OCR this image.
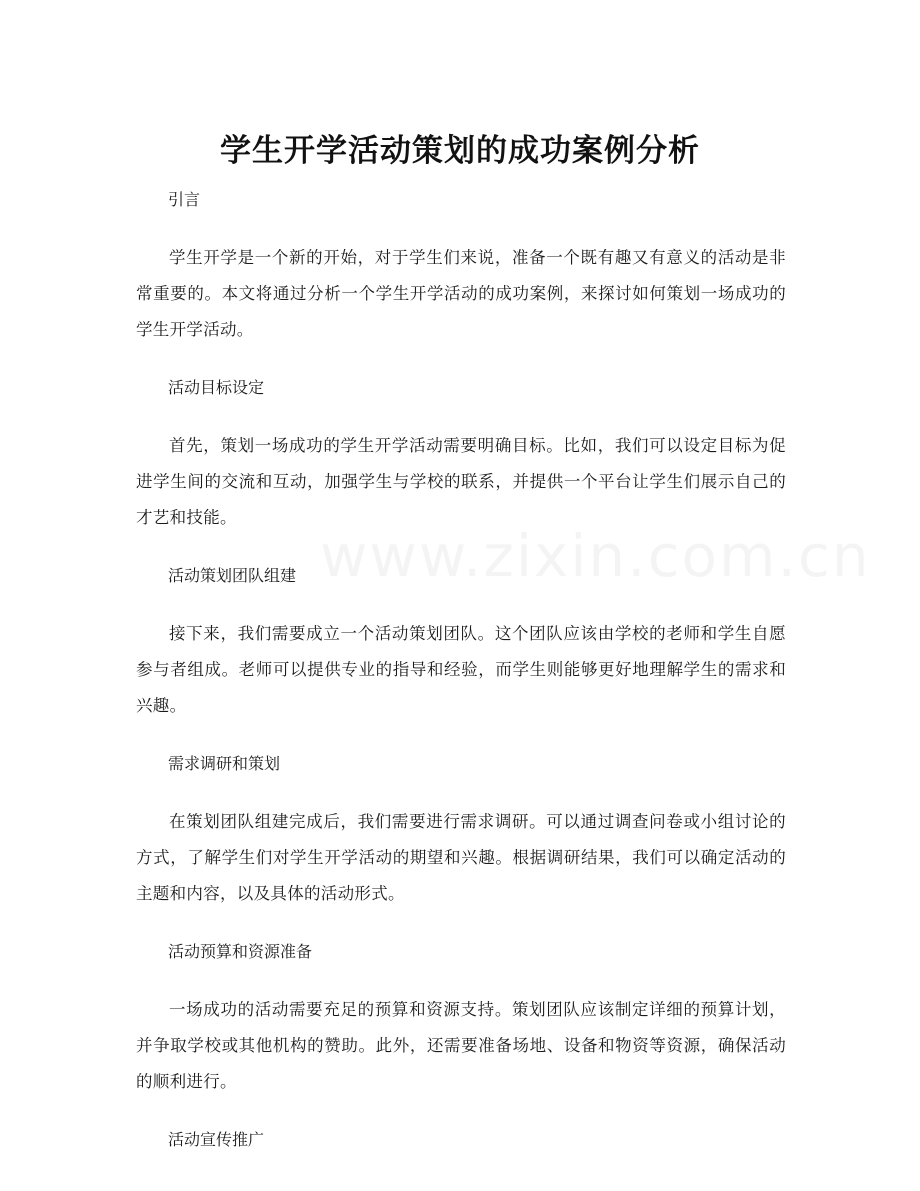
学生开学活动策划的成功案例分析

引言

学生开学是一个新的开始，对于学生们来说，准备一个既有趣又有意义的活动是非常重要的。本文将通过分析一个学生开学活动的成功案例，来探讨如何策划一场成功的学生开学活动。

活动目标设定

首先，策划一场成功的学生开学活动需要明确目标。比如，我们可以设定目标为促进学生间的交流和互动，加强学生与学校的联系，并提供一个平台让学生们展示自己的才艺和技能。

活动策划团队组建

接下来，我们需要成立一个活动策划团队。这个团队应该由学校的老师和学生自愿参与者组成。老师可以提供专业的指导和经验，而学生则能够更好地理解学生的需求和兴趣。

需求调研和策划

在策划团队组建完成后，我们需要进行需求调研。可以通过调查问卷或小组讨论的方式，了解学生们对学生开学活动的期望和兴趣。根据调研结果，我们可以确定活动的主题和内容，以及具体的活动形式。

活动预算和资源准备

一场成功的活动需要充足的预算和资源支持。策划团队应该制定详细的预算计划，并争取学校或其他机构的赞助。此外，还需要准备场地、设备和物资等资源，确保活动的顺利进行。

活动宣传推广
